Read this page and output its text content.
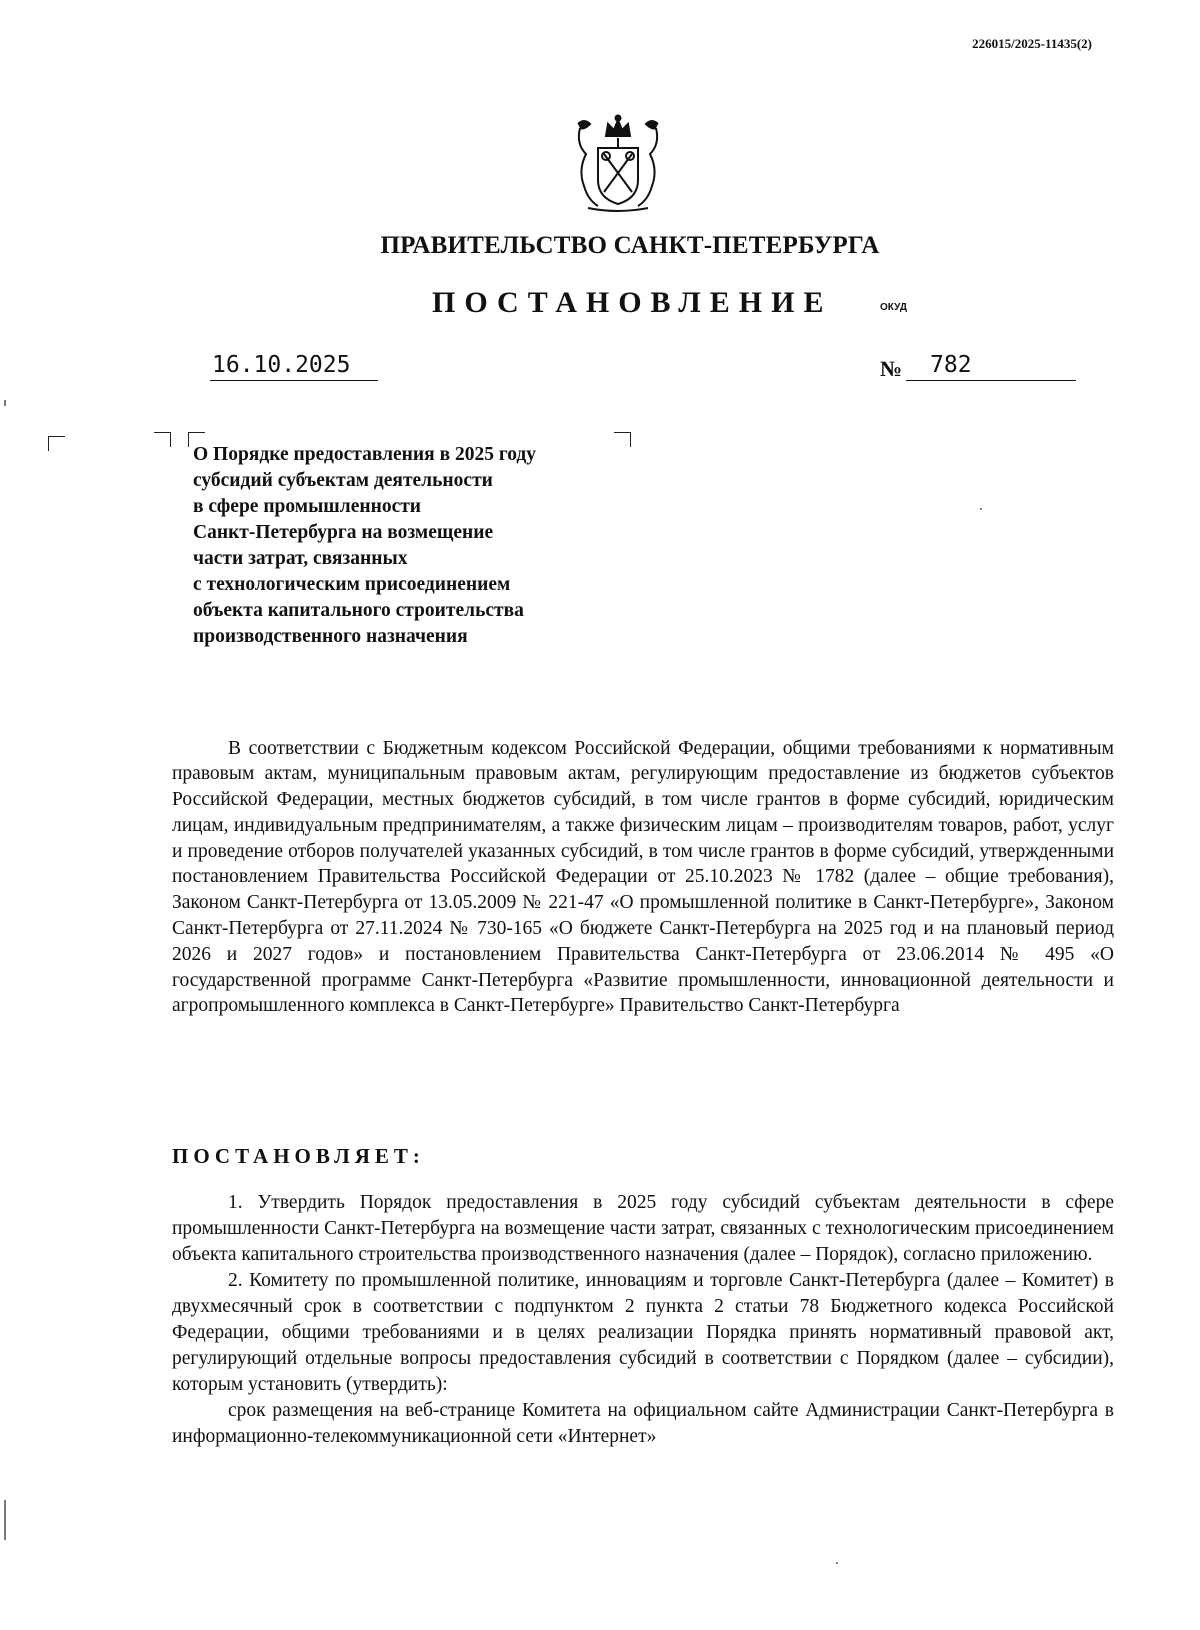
226015/2025-11435(2)
ПРАВИТЕЛЬСТВО САНКТ-ПЕТЕРБУРГА
ПОСТАНОВЛЕНИЕ	ОКУД
16.10.2025	№	782
О Порядке предоставления в 2025 году
субсидий субъектам деятельности
в сфере промышленности
Санкт-Петербурга на возмещение
части затрат, связанных
с технологическим присоединением
объекта капитального строительства
производственного назначения

В соответствии с Бюджетным кодексом Российской Федерации, общими требованиями к нормативным правовым актам, муниципальным правовым актам, регулирующим предоставление из бюджетов субъектов Российской Федерации, местных бюджетов субсидий, в том числе грантов в форме субсидий, юридическим лицам, индивидуальным предпринимателям, а также физическим лицам – производителям товаров, работ, услуг и проведение отборов получателей указанных субсидий, в том числе грантов в форме субсидий, утвержденными постановлением Правительства Российской Федерации от 25.10.2023 № 1782 (далее – общие требования), Законом Санкт-Петербурга от 13.05.2009 № 221-47 «О промышленной политике в Санкт-Петербурге», Законом Санкт-Петербурга от 27.11.2024 № 730-165 «О бюджете Санкт-Петербурга на 2025 год и на плановый период 2026 и 2027 годов» и постановлением Правительства Санкт-Петербурга от 23.06.2014 № 495 «О государственной программе Санкт-Петербурга «Развитие промышленности, инновационной деятельности и агропромышленного комплекса в Санкт-Петербурге» Правительство Санкт-Петербурга

ПОСТАНОВЛЯЕТ:

1. Утвердить Порядок предоставления в 2025 году субсидий субъектам деятельности в сфере промышленности Санкт-Петербурга на возмещение части затрат, связанных с технологическим присоединением объекта капитального строительства производственного назначения (далее – Порядок), согласно приложению.

2. Комитету по промышленной политике, инновациям и торговле Санкт-Петербурга (далее – Комитет) в двухмесячный срок в соответствии с подпунктом 2 пункта 2 статьи 78 Бюджетного кодекса Российской Федерации, общими требованиями и в целях реализации Порядка принять нормативный правовой акт, регулирующий отдельные вопросы предоставления субсидий в соответствии с Порядком (далее – субсидии), которым установить (утвердить):

срок размещения на веб-странице Комитета на официальном сайте Администрации Санкт-Петербурга в информационно-телекоммуникационной сети «Интернет»
